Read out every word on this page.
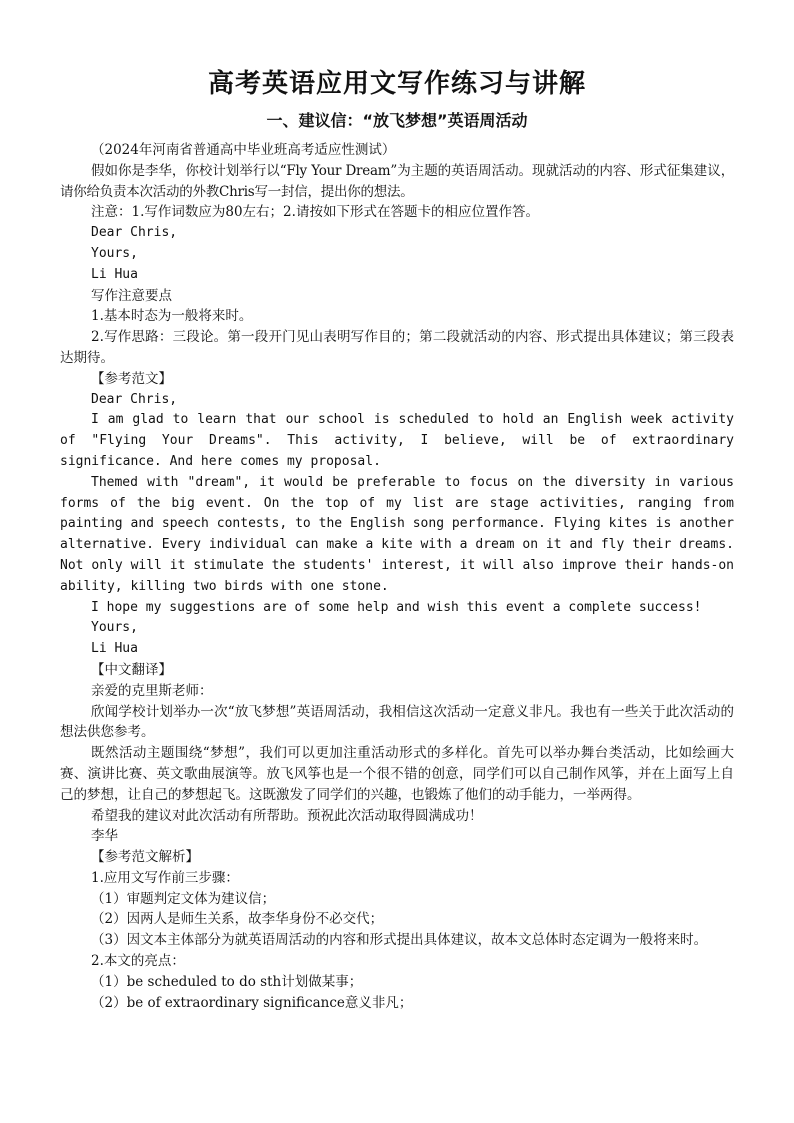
高考英语应用文写作练习与讲解
一、建议信：“放飞梦想”英语周活动
（2024年河南省普通高中毕业班高考适应性测试）
假如你是李华，你校计划举行以“Fly Your Dream”为主题的英语周活动。现就活动的内容、形式征集建议，请你给负责本次活动的外教Chris写一封信，提出你的想法。
注意：1.写作词数应为80左右；2.请按如下形式在答题卡的相应位置作答。
Dear Chris,
Yours,
Li Hua
写作注意要点
1.基本时态为一般将来时。
2.写作思路：三段论。第一段开门见山表明写作目的；第二段就活动的内容、形式提出具体建议；第三段表达期待。
【参考范文】
Dear Chris,
I am glad to learn that our school is scheduled to hold an English week activity of "Flying Your Dreams". This activity, I believe, will be of extraordinary significance. And here comes my proposal.
Themed with "dream", it would be preferable to focus on the diversity in various forms of the big event. On the top of my list are stage activities, ranging from painting and speech contests, to the English song performance. Flying kites is another alternative. Every individual can make a kite with a dream on it and fly their dreams. Not only will it stimulate the students' interest, it will also improve their hands-on ability, killing two birds with one stone.
I hope my suggestions are of some help and wish this event a complete success!
Yours,
Li Hua
【中文翻译】
亲爱的克里斯老师：
欣闻学校计划举办一次“放飞梦想”英语周活动，我相信这次活动一定意义非凡。我也有一些关于此次活动的想法供您参考。
既然活动主题围绕“梦想”，我们可以更加注重活动形式的多样化。首先可以举办舞台类活动，比如绘画大赛、演讲比赛、英文歌曲展演等。放飞风筝也是一个很不错的创意，同学们可以自己制作风筝，并在上面写上自己的梦想，让自己的梦想起飞。这既激发了同学们的兴趣，也锻炼了他们的动手能力，一举两得。
希望我的建议对此次活动有所帮助。预祝此次活动取得圆满成功！
李华
【参考范文解析】
1.应用文写作前三步骤：
（1）审题判定文体为建议信；
（2）因两人是师生关系，故李华身份不必交代；
（3）因文本主体部分为就英语周活动的内容和形式提出具体建议，故本文总体时态定调为一般将来时。
2.本文的亮点：
（1）be scheduled to do sth计划做某事；
（2）be of extraordinary significance意义非凡；
